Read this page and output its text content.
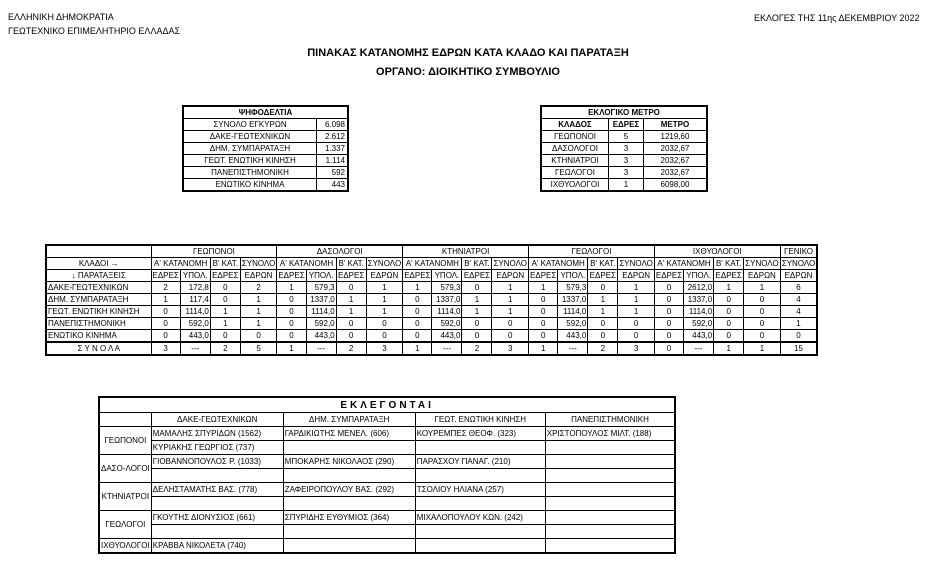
ΕΛΛΗΝΙΚΗ ΔΗΜΟΚΡΑΤΙΑ
ΓΕΩΤΕΧΝΙΚΟ ΕΠΙΜΕΛΗΤΗΡΙΟ ΕΛΛΑΔΑΣ
ΕΚΛΟΓΕΣ ΤΗΣ 11ης ΔΕΚΕΜΒΡΙΟΥ 2022
ΠΙΝΑΚΑΣ ΚΑΤΑΝΟΜΗΣ ΕΔΡΩΝ ΚΑΤΑ ΚΛΑΔΟ ΚΑΙ ΠΑΡΑΤΑΞΗ
ΟΡΓΑΝΟ: ΔΙΟΙΚΗΤΙΚΟ ΣΥΜΒΟΥΛΙΟ
ΨΗΦΟΔΕΛΤΙΑ	
ΣΥΝΟΛΟ ΕΓΚΥΡΩΝ	6.098
ΔΑΚΕ-ΓΕΩΤΕΧΝΙΚΩΝ	2.612
ΔΗΜ. ΣΥΜΠΑΡΑΤΑΞΗ	1.337
ΓΕΩΤ. ΕΝΩΤΙΚΗ ΚΙΝΗΣΗ	1.114
ΠΑΝΕΠΙΣΤΗΜΟΝΙΚΗ	592
ΕΝΩΤΙΚΟ ΚΙΝΗΜΑ	443
ΕΚΛΟΓΙΚΟ ΜΕΤΡΟ		
ΚΛΑΔΟΣ	ΕΔΡΕΣ	ΜΕΤΡΟ
ΓΕΩΠΟΝΟΙ	5	1219,60
ΔΑΣΟΛΟΓΟΙ	3	2032,67
ΚΤΗΝΙΑΤΡΟΙ	3	2032,67
ΓΕΩΛΟΓΟΙ	3	2032,67
ΙΧΘΥΟΛΟΓΟΙ	1	6098,00
	ΓΕΩΠΟΝΟΙ				ΔΑΣΟΛΟΓΟΙ				ΚΤΗΝΙΑΤΡΟΙ				ΓΕΩΛΟΓΟΙ				ΙΧΘΥΟΛΟΓΟΙ				ΓΕΝΙΚΟ
ΚΛΑΔΟΙ →	Α' ΚΑΤΑΝΟΜΗ		Β' ΚΑΤ.	ΣΥΝΟΛΟ	Α' ΚΑΤΑΝΟΜΗ		Β' ΚΑΤ.	ΣΥΝΟΛΟ	Α' ΚΑΤΑΝΟΜΗ		Β' ΚΑΤ.	ΣΥΝΟΛΟ	Α' ΚΑΤΑΝΟΜΗ		Β' ΚΑΤ.	ΣΥΝΟΛΟ	Α' ΚΑΤΑΝΟΜΗ		Β' ΚΑΤ.	ΣΥΝΟΛΟ	ΣΥΝΟΛΟ
↓ ΠΑΡΑΤΑΞΕΙΣ	ΕΔΡΕΣ	ΥΠΟΛ.	ΕΔΡΕΣ	ΕΔΡΩΝ	ΕΔΡΕΣ	ΥΠΟΛ.	ΕΔΡΕΣ	ΕΔΡΩΝ	ΕΔΡΕΣ	ΥΠΟΛ.	ΕΔΡΕΣ	ΕΔΡΩΝ	ΕΔΡΕΣ	ΥΠΟΛ.	ΕΔΡΕΣ	ΕΔΡΩΝ	ΕΔΡΕΣ	ΥΠΟΛ.	ΕΔΡΕΣ	ΕΔΡΩΝ	ΕΔΡΩΝ
ΔΑΚΕ-ΓΕΩΤΕΧΝΙΚΩΝ	2	172,8	0	2	1	579,3	0	1	1	579,3	0	1	1	579,3	0	1	0	2612,0	1	1	6
ΔΗΜ. ΣΥΜΠΑΡΑΤΑΞΗ	1	117,4	0	1	0	1337,0	1	1	0	1337,0	1	1	0	1337,0	1	1	0	1337,0	0	0	4
ΓΕΩΤ. ΕΝΩΤΙΚΗ ΚΙΝΗΣΗ	0	1114,0	1	1	0	1114,0	1	1	0	1114,0	1	1	0	1114,0	1	1	0	1114,0	0	0	4
ΠΑΝΕΠΙΣΤΗΜΟΝΙΚΗ	0	592,0	1	1	0	592,0	0	0	0	592,0	0	0	0	592,0	0	0	0	592,0	0	0	1
ΕΝΩΤΙΚΟ ΚΙΝΗΜΑ	0	443,0	0	0	0	443,0	0	0	0	443,0	0	0	0	443,0	0	0	0	443,0	0	0	0
Σ Υ Ν Ο Λ Α	3	---	2	5	1	---	2	3	1	---	2	3	1	---	2	3	0	---	1	1	15
ΕΚΛΕΓΟΝΤΑΙ				
	ΔΑΚΕ-ΓΕΩΤΕΧΝΙΚΩΝ	ΔΗΜ. ΣΥΜΠΑΡΑΤΑΞΗ	ΓΕΩΤ. ΕΝΩΤΙΚΗ ΚΙΝΗΣΗ	ΠΑΝΕΠΙΣΤΗΜΟΝΙΚΗ
ΓΕΩΠΟΝΟΙ	ΜΑΜΑΛΗΣ ΣΠΥΡΙΔΩΝ (1562)	ΓΑΡΔΙΚΙΩΤΗΣ ΜΕΝΕΛ. (606)	ΚΟΥΡΕΜΠΕΣ ΘΕΟΦ. (323)	ΧΡΙΣΤΟΠΟΥΛΟΣ ΜΙΛΤ. (188)
	ΚΥΡΙΑΚΗΣ ΓΕΩΡΓΙΟΣ (737)			
ΔΑΣΟ-ΛΟΓΟΙ	ΓΙΟΒΑΝΝΟΠΟΥΛΟΣ Ρ. (1033)	ΜΠΟΚΑΡΗΣ ΝΙΚΟΛΑΟΣ (290)	ΠΑΡΑΣΧΟΥ ΠΑΝΑΓ. (210)	

ΚΤΗΝΙΑΤΡΟΙ	ΔΕΛΗΣΤΑΜΑΤΗΣ ΒΑΣ. (778)	ΖΑΦΕΙΡΟΠΟΥΛΟΥ ΒΑΣ. (292)	ΤΣΟΛΙΟΥ ΗΛΙΑΝΑ (257)	

ΓΕΩΛΟΓΟΙ	ΓΚΟΥΤΗΣ ΔΙΟΝΥΣΙΟΣ (661)	ΣΠΥΡΙΔΗΣ ΕΥΘΥΜΙΟΣ (364)	ΜΙΧΑΛΟΠΟΥΛΟΥ ΚΩΝ. (242)	

ΙΧΘΥΟΛΟΓΟΙ	ΚΡΑΒΒΑ ΝΙΚΟΛΕΤΑ (740)			
